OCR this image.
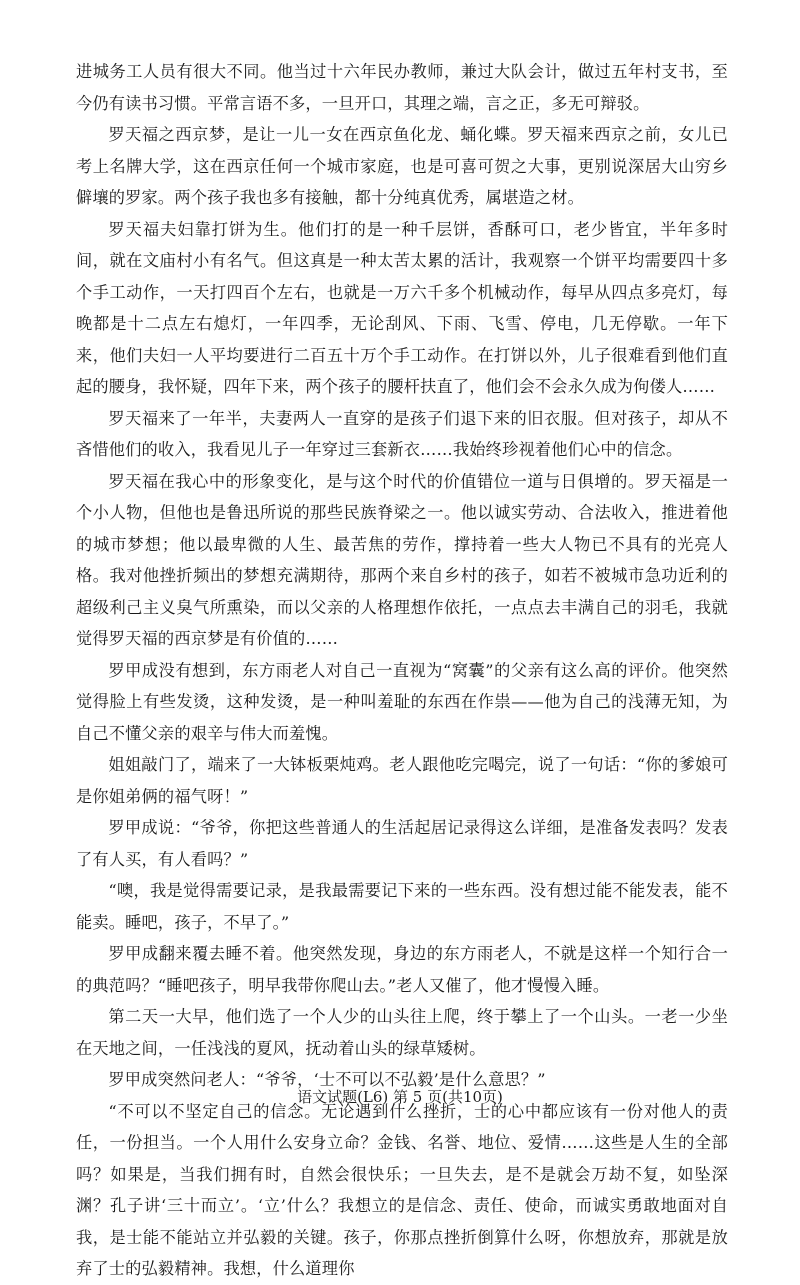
进城务工人员有很大不同。他当过十六年民办教师，兼过大队会计，做过五年村支书，至今仍有读书习惯。平常言语不多，一旦开口，其理之端，言之正，多无可辩驳。

罗天福之西京梦，是让一儿一女在西京鱼化龙、蛹化蝶。罗天福来西京之前，女儿已考上名牌大学，这在西京任何一个城市家庭，也是可喜可贺之大事，更别说深居大山穷乡僻壤的罗家。两个孩子我也多有接触，都十分纯真优秀，属堪造之材。

罗天福夫妇靠打饼为生。他们打的是一种千层饼，香酥可口，老少皆宜，半年多时间，就在文庙村小有名气。但这真是一种太苦太累的活计，我观察一个饼平均需要四十多个手工动作，一天打四百个左右，也就是一万六千多个机械动作，每早从四点多亮灯，每晚都是十二点左右熄灯，一年四季，无论刮风、下雨、飞雪、停电，几无停歇。一年下来，他们夫妇一人平均要进行二百五十万个手工动作。在打饼以外，儿子很难看到他们直起的腰身，我怀疑，四年下来，两个孩子的腰杆扶直了，他们会不会永久成为佝偻人……

罗天福来了一年半，夫妻两人一直穿的是孩子们退下来的旧衣服。但对孩子，却从不吝惜他们的收入，我看见儿子一年穿过三套新衣……我始终珍视着他们心中的信念。

罗天福在我心中的形象变化，是与这个时代的价值错位一道与日俱增的。罗天福是一个小人物，但他也是鲁迅所说的那些民族脊梁之一。他以诚实劳动、合法收入，推进着他的城市梦想；他以最卑微的人生、最苦焦的劳作，撑持着一些大人物已不具有的光亮人格。我对他挫折频出的梦想充满期待，那两个来自乡村的孩子，如若不被城市急功近利的超级利己主义臭气所熏染，而以父亲的人格理想作依托，一点点去丰满自己的羽毛，我就觉得罗天福的西京梦是有价值的……

罗甲成没有想到，东方雨老人对自己一直视为“窝囊”的父亲有这么高的评价。他突然觉得脸上有些发烫，这种发烫，是一种叫羞耻的东西在作祟——他为自己的浅薄无知，为自己不懂父亲的艰辛与伟大而羞愧。

姐姐敲门了，端来了一大钵板栗炖鸡。老人跟他吃完喝完，说了一句话：“你的爹娘可是你姐弟俩的福气呀！”

罗甲成说：“爷爷，你把这些普通人的生活起居记录得这么详细，是准备发表吗？发表了有人买，有人看吗？”

“噢，我是觉得需要记录，是我最需要记下来的一些东西。没有想过能不能发表，能不能卖。睡吧，孩子，不早了。”

罗甲成翻来覆去睡不着。他突然发现，身边的东方雨老人，不就是这样一个知行合一的典范吗？“睡吧孩子，明早我带你爬山去。”老人又催了，他才慢慢入睡。

第二天一大早，他们选了一个人少的山头往上爬，终于攀上了一个山头。一老一少坐在天地之间，一任浅浅的夏风，抚动着山头的绿草矮树。

罗甲成突然问老人：“爷爷，‘士不可以不弘毅’是什么意思？”

“不可以不坚定自己的信念。无论遇到什么挫折，士的心中都应该有一份对他人的责任，一份担当。一个人用什么安身立命？金钱、名誉、地位、爱情……这些是人生的全部吗？如果是，当我们拥有时，自然会很快乐；一旦失去，是不是就会万劫不复，如坠深渊？孔子讲‘三十而立’。‘立’什么？我想立的是信念、责任、使命，而诚实勇敢地面对自我，是士能不能站立并弘毅的关键。孩子，你那点挫折倒算什么呀，你想放弃，那就是放弃了士的弘毅精神。我想，什么道理你

语文试题(L6) 第 5 页(共10页)
